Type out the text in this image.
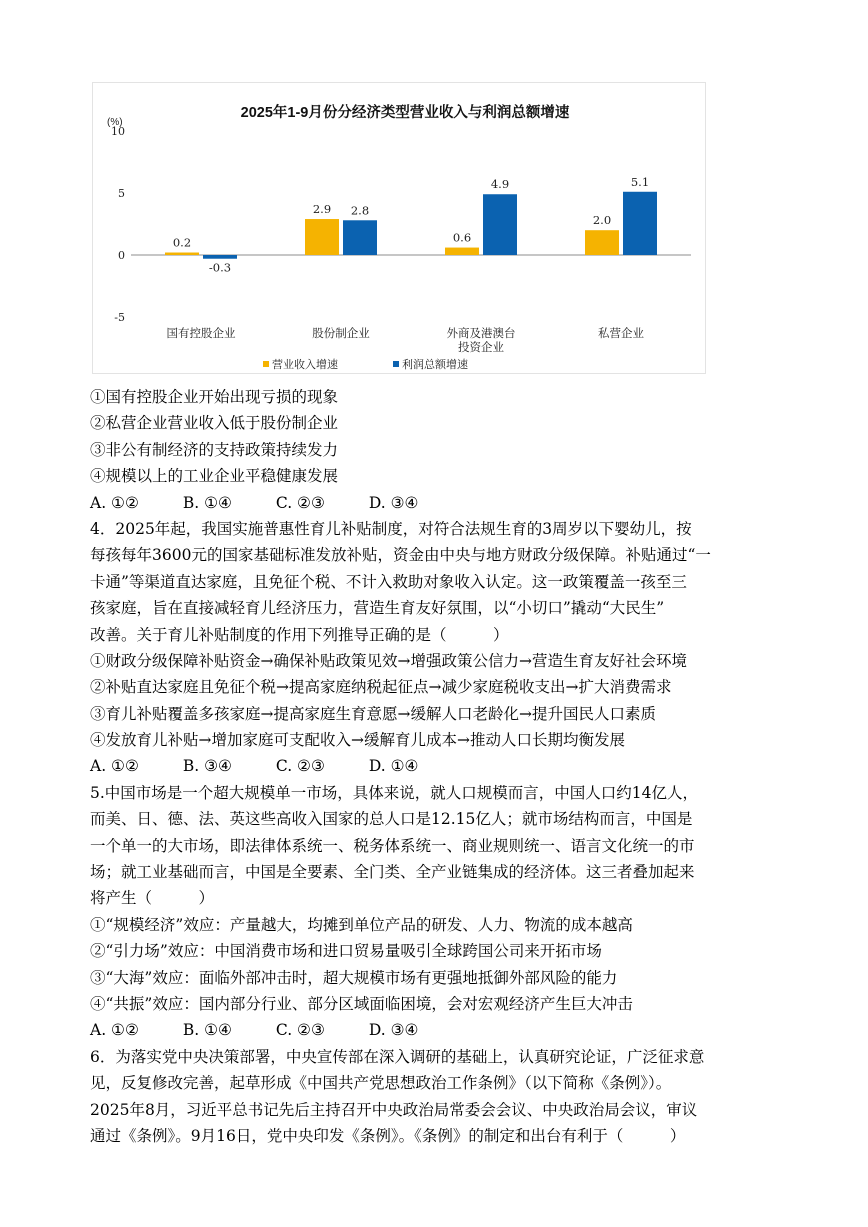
2025年1-9月份分经济类型营业收入与利润总额增速
(%)
10
5
0
-5
0.2
-0.3
2.9 2.8
0.6
4.9
2.0
5.1
国有控股企业	股份制企业	外商及港澳台
投资企业
私营企业
营业收入增速	利润总额增速
①国有控股企业开始出现亏损的现象
②私营企业营业收入低于股份制企业
③非公有制经济的支持政策持续发力
④规模以上的工业企业平稳健康发展
A. ①②	B. ①④	C. ②③	D. ③④
4．2025年起，我国实施普惠性育儿补贴制度，对符合法规生育的3周岁以下婴幼儿，按
每孩每年3600元的国家基础标准发放补贴，资金由中央与地方财政分级保障。补贴通过“一
卡通”等渠道直达家庭，且免征个税、不计入救助对象收入认定。这一政策覆盖一孩至三
孩家庭，旨在直接减轻育儿经济压力，营造生育友好氛围，以“小切口”撬动“大民生”
改善。关于育儿补贴制度的作用下列推导正确的是（　　　）
①财政分级保障补贴资金→确保补贴政策见效→增强政策公信力→营造生育友好社会环境
②补贴直达家庭且免征个税→提高家庭纳税起征点→减少家庭税收支出→扩大消费需求
③育儿补贴覆盖多孩家庭→提高家庭生育意愿→缓解人口老龄化→提升国民人口素质
④发放育儿补贴→增加家庭可支配收入→缓解育儿成本→推动人口长期均衡发展
A. ①②	B. ③④	C. ②③	D. ①④
5.中国市场是一个超大规模单一市场，具体来说，就人口规模而言，中国人口约14亿人，
而美、日、德、法、英这些高收入国家的总人口是12.15亿人；就市场结构而言，中国是
一个单一的大市场，即法律体系统一、税务体系统一、商业规则统一、语言文化统一的市
场；就工业基础而言，中国是全要素、全门类、全产业链集成的经济体。这三者叠加起来
将产生（　　　）
①“规模经济”效应：产量越大，均摊到单位产品的研发、人力、物流的成本越高
②“引力场”效应：中国消费市场和进口贸易量吸引全球跨国公司来开拓市场
③“大海”效应：面临外部冲击时，超大规模市场有更强地抵御外部风险的能力
④“共振”效应：国内部分行业、部分区域面临困境，会对宏观经济产生巨大冲击
A. ①②	B. ①④	C. ②③	D. ③④
6．为落实党中央决策部署，中央宣传部在深入调研的基础上，认真研究论证，广泛征求意
见，反复修改完善，起草形成《中国共产党思想政治工作条例》（以下简称《条例》）。
2025年8月，习近平总书记先后主持召开中央政治局常委会会议、中央政治局会议，审议
通过《条例》。9月16日，党中央印发《条例》。《条例》的制定和出台有利于（　　　）
